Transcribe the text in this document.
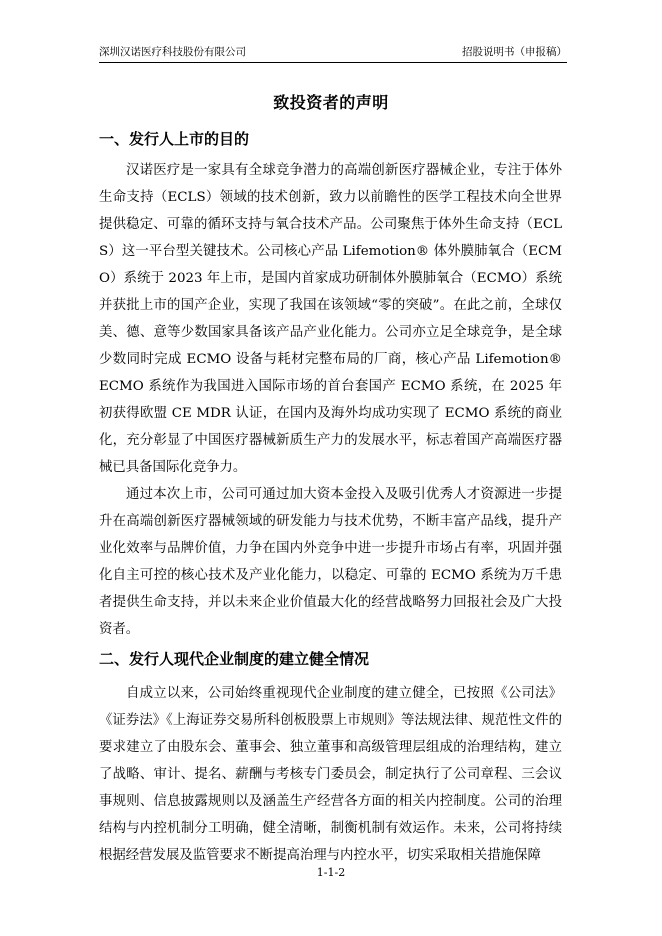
深圳汉诺医疗科技股份有限公司	招股说明书（申报稿）
致投资者的声明
一、发行人上市的目的

汉诺医疗是一家具有全球竞争潜力的高端创新医疗器械企业，专注于体外生命支持（ECLS）领域的技术创新，致力以前瞻性的医学工程技术向全世界提供稳定、可靠的循环支持与氧合技术产品。公司聚焦于体外生命支持（ECLS）这一平台型关键技术。公司核心产品 Lifemotion® 体外膜肺氧合（ECMO）系统于 2023 年上市，是国内首家成功研制体外膜肺氧合（ECMO）系统并获批上市的国产企业，实现了我国在该领域“零的突破”。在此之前，全球仅美、德、意等少数国家具备该产品产业化能力。公司亦立足全球竞争，是全球少数同时完成 ECMO 设备与耗材完整布局的厂商，核心产品 Lifemotion® ECMO 系统作为我国进入国际市场的首台套国产 ECMO 系统，在 2025 年初获得欧盟 CE MDR 认证，在国内及海外均成功实现了 ECMO 系统的商业化，充分彰显了中国医疗器械新质生产力的发展水平，标志着国产高端医疗器械已具备国际化竞争力。

通过本次上市，公司可通过加大资本金投入及吸引优秀人才资源进一步提升在高端创新医疗器械领域的研发能力与技术优势，不断丰富产品线，提升产业化效率与品牌价值，力争在国内外竞争中进一步提升市场占有率，巩固并强化自主可控的核心技术及产业化能力，以稳定、可靠的 ECMO 系统为万千患者提供生命支持，并以未来企业价值最大化的经营战略努力回报社会及广大投资者。

二、发行人现代企业制度的建立健全情况

自成立以来，公司始终重视现代企业制度的建立健全，已按照《公司法》《证券法》《上海证券交易所科创板股票上市规则》等法规法律、规范性文件的要求建立了由股东会、董事会、独立董事和高级管理层组成的治理结构，建立了战略、审计、提名、薪酬与考核专门委员会，制定执行了公司章程、三会议事规则、信息披露规则以及涵盖生产经营各方面的相关内控制度。公司的治理结构与内控机制分工明确，健全清晰，制衡机制有效运作。未来，公司将持续根据经营发展及监管要求不断提高治理与内控水平，切实采取相关措施保障

1-1-2
